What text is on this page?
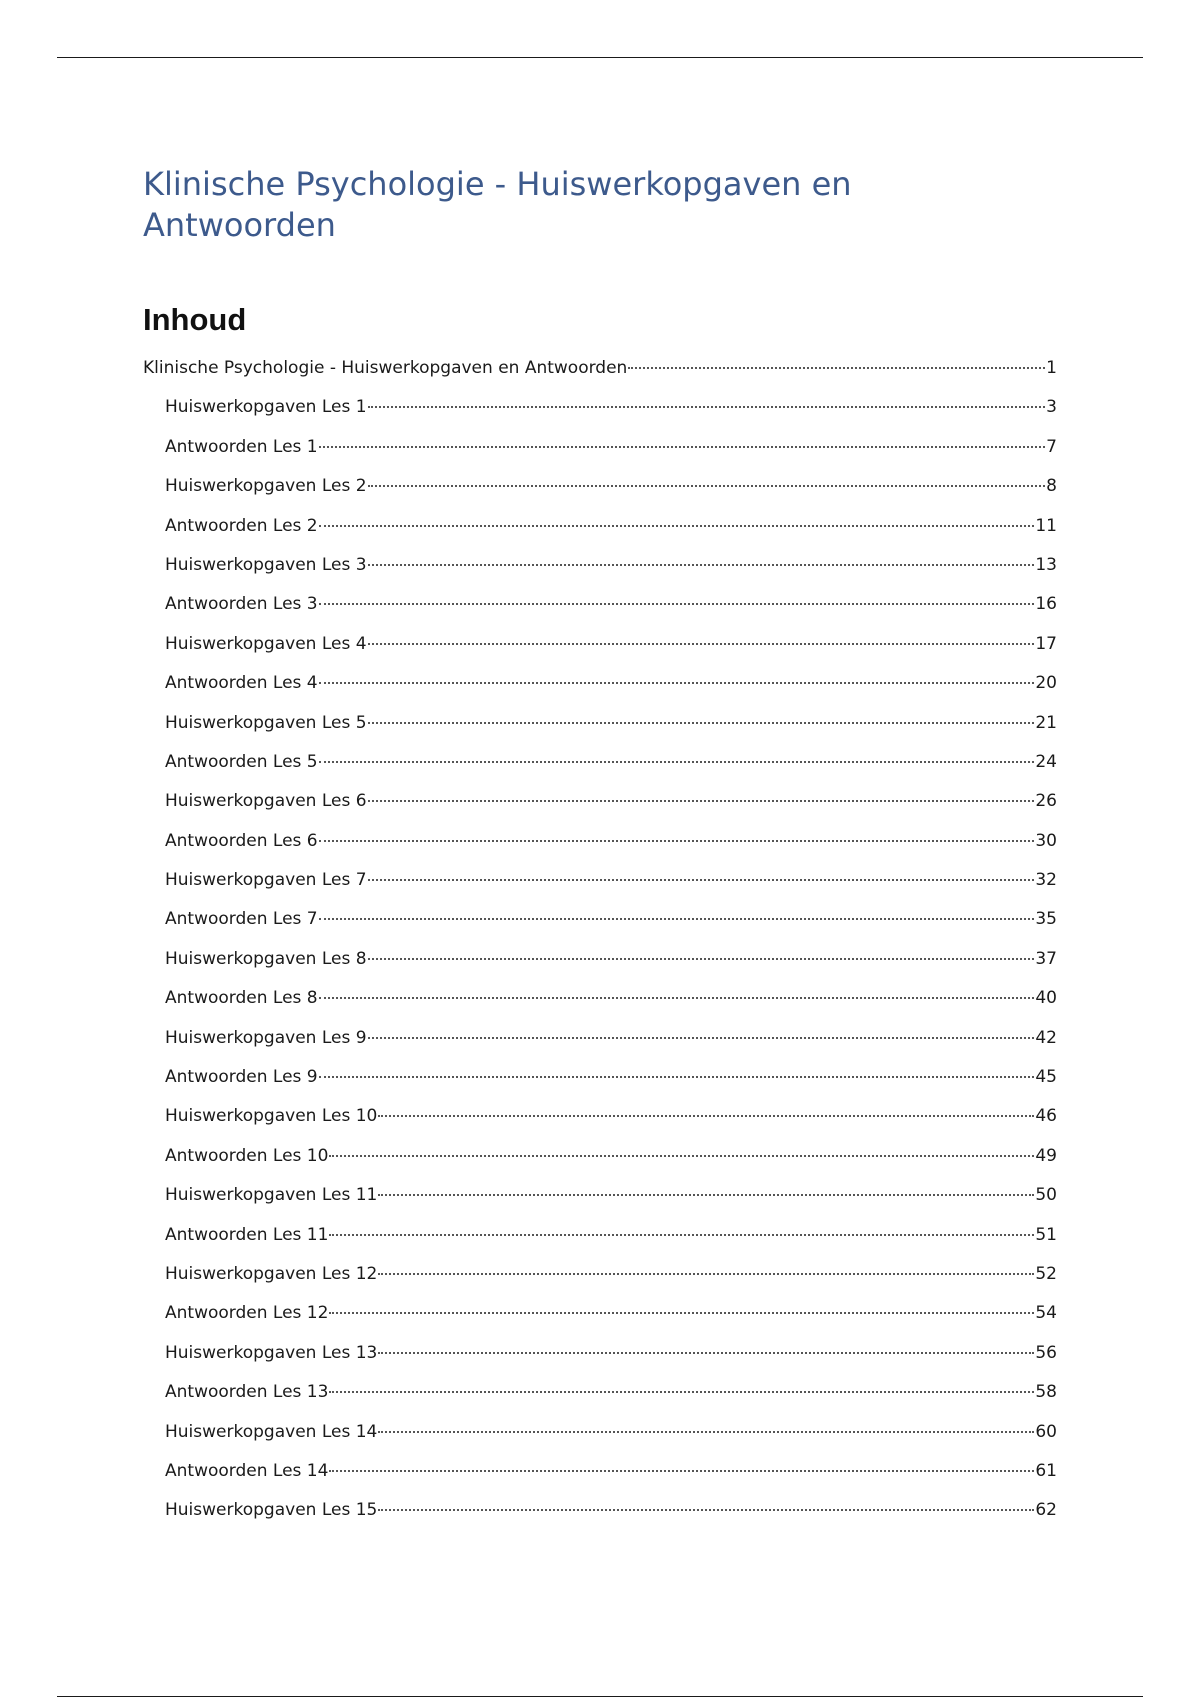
Klinische Psychologie - Huiswerkopgaven en Antwoorden
Inhoud
Klinische Psychologie - Huiswerkopgaven en Antwoorden	1
Huiswerkopgaven Les 1	3
Antwoorden Les 1	7
Huiswerkopgaven Les 2	8
Antwoorden Les 2	11
Huiswerkopgaven Les 3	13
Antwoorden Les 3	16
Huiswerkopgaven Les 4	17
Antwoorden Les 4	20
Huiswerkopgaven Les 5	21
Antwoorden Les 5	24
Huiswerkopgaven Les 6	26
Antwoorden Les 6	30
Huiswerkopgaven Les 7	32
Antwoorden Les 7	35
Huiswerkopgaven Les 8	37
Antwoorden Les 8	40
Huiswerkopgaven Les 9	42
Antwoorden Les 9	45
Huiswerkopgaven Les 10	46
Antwoorden Les 10	49
Huiswerkopgaven Les 11	50
Antwoorden Les 11	51
Huiswerkopgaven Les 12	52
Antwoorden Les 12	54
Huiswerkopgaven Les 13	56
Antwoorden Les 13	58
Huiswerkopgaven Les 14	60
Antwoorden Les 14	61
Huiswerkopgaven Les 15	62
